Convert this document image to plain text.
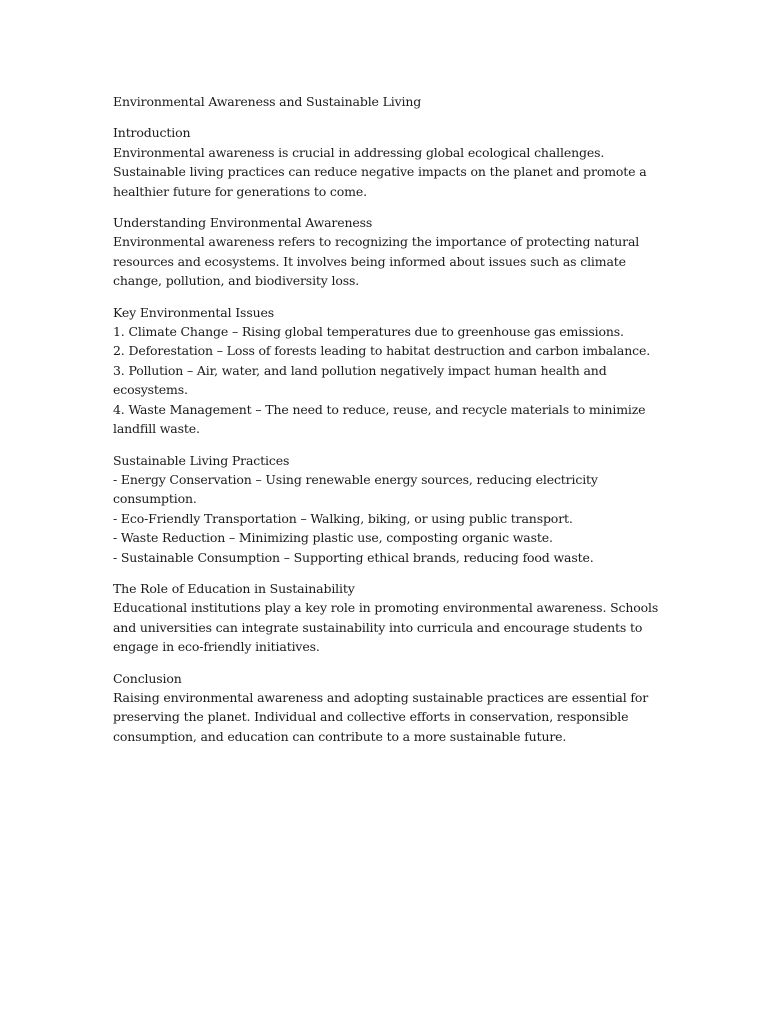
Environmental Awareness and Sustainable Living

Introduction

Environmental awareness is crucial in addressing global ecological challenges. Sustainable living practices can reduce negative impacts on the planet and promote a healthier future for generations to come.

Understanding Environmental Awareness

Environmental awareness refers to recognizing the importance of protecting natural resources and ecosystems. It involves being informed about issues such as climate change, pollution, and biodiversity loss.

Key Environmental Issues

1. Climate Change – Rising global temperatures due to greenhouse gas emissions.
2. Deforestation – Loss of forests leading to habitat destruction and carbon imbalance.
3. Pollution – Air, water, and land pollution negatively impact human health and ecosystems.
4. Waste Management – The need to reduce, reuse, and recycle materials to minimize landfill waste.

Sustainable Living Practices

- Energy Conservation – Using renewable energy sources, reducing electricity consumption.
- Eco-Friendly Transportation – Walking, biking, or using public transport.
- Waste Reduction – Minimizing plastic use, composting organic waste.
- Sustainable Consumption – Supporting ethical brands, reducing food waste.

The Role of Education in Sustainability

Educational institutions play a key role in promoting environmental awareness. Schools and universities can integrate sustainability into curricula and encourage students to engage in eco-friendly initiatives.

Conclusion

Raising environmental awareness and adopting sustainable practices are essential for preserving the planet. Individual and collective efforts in conservation, responsible consumption, and education can contribute to a more sustainable future.
